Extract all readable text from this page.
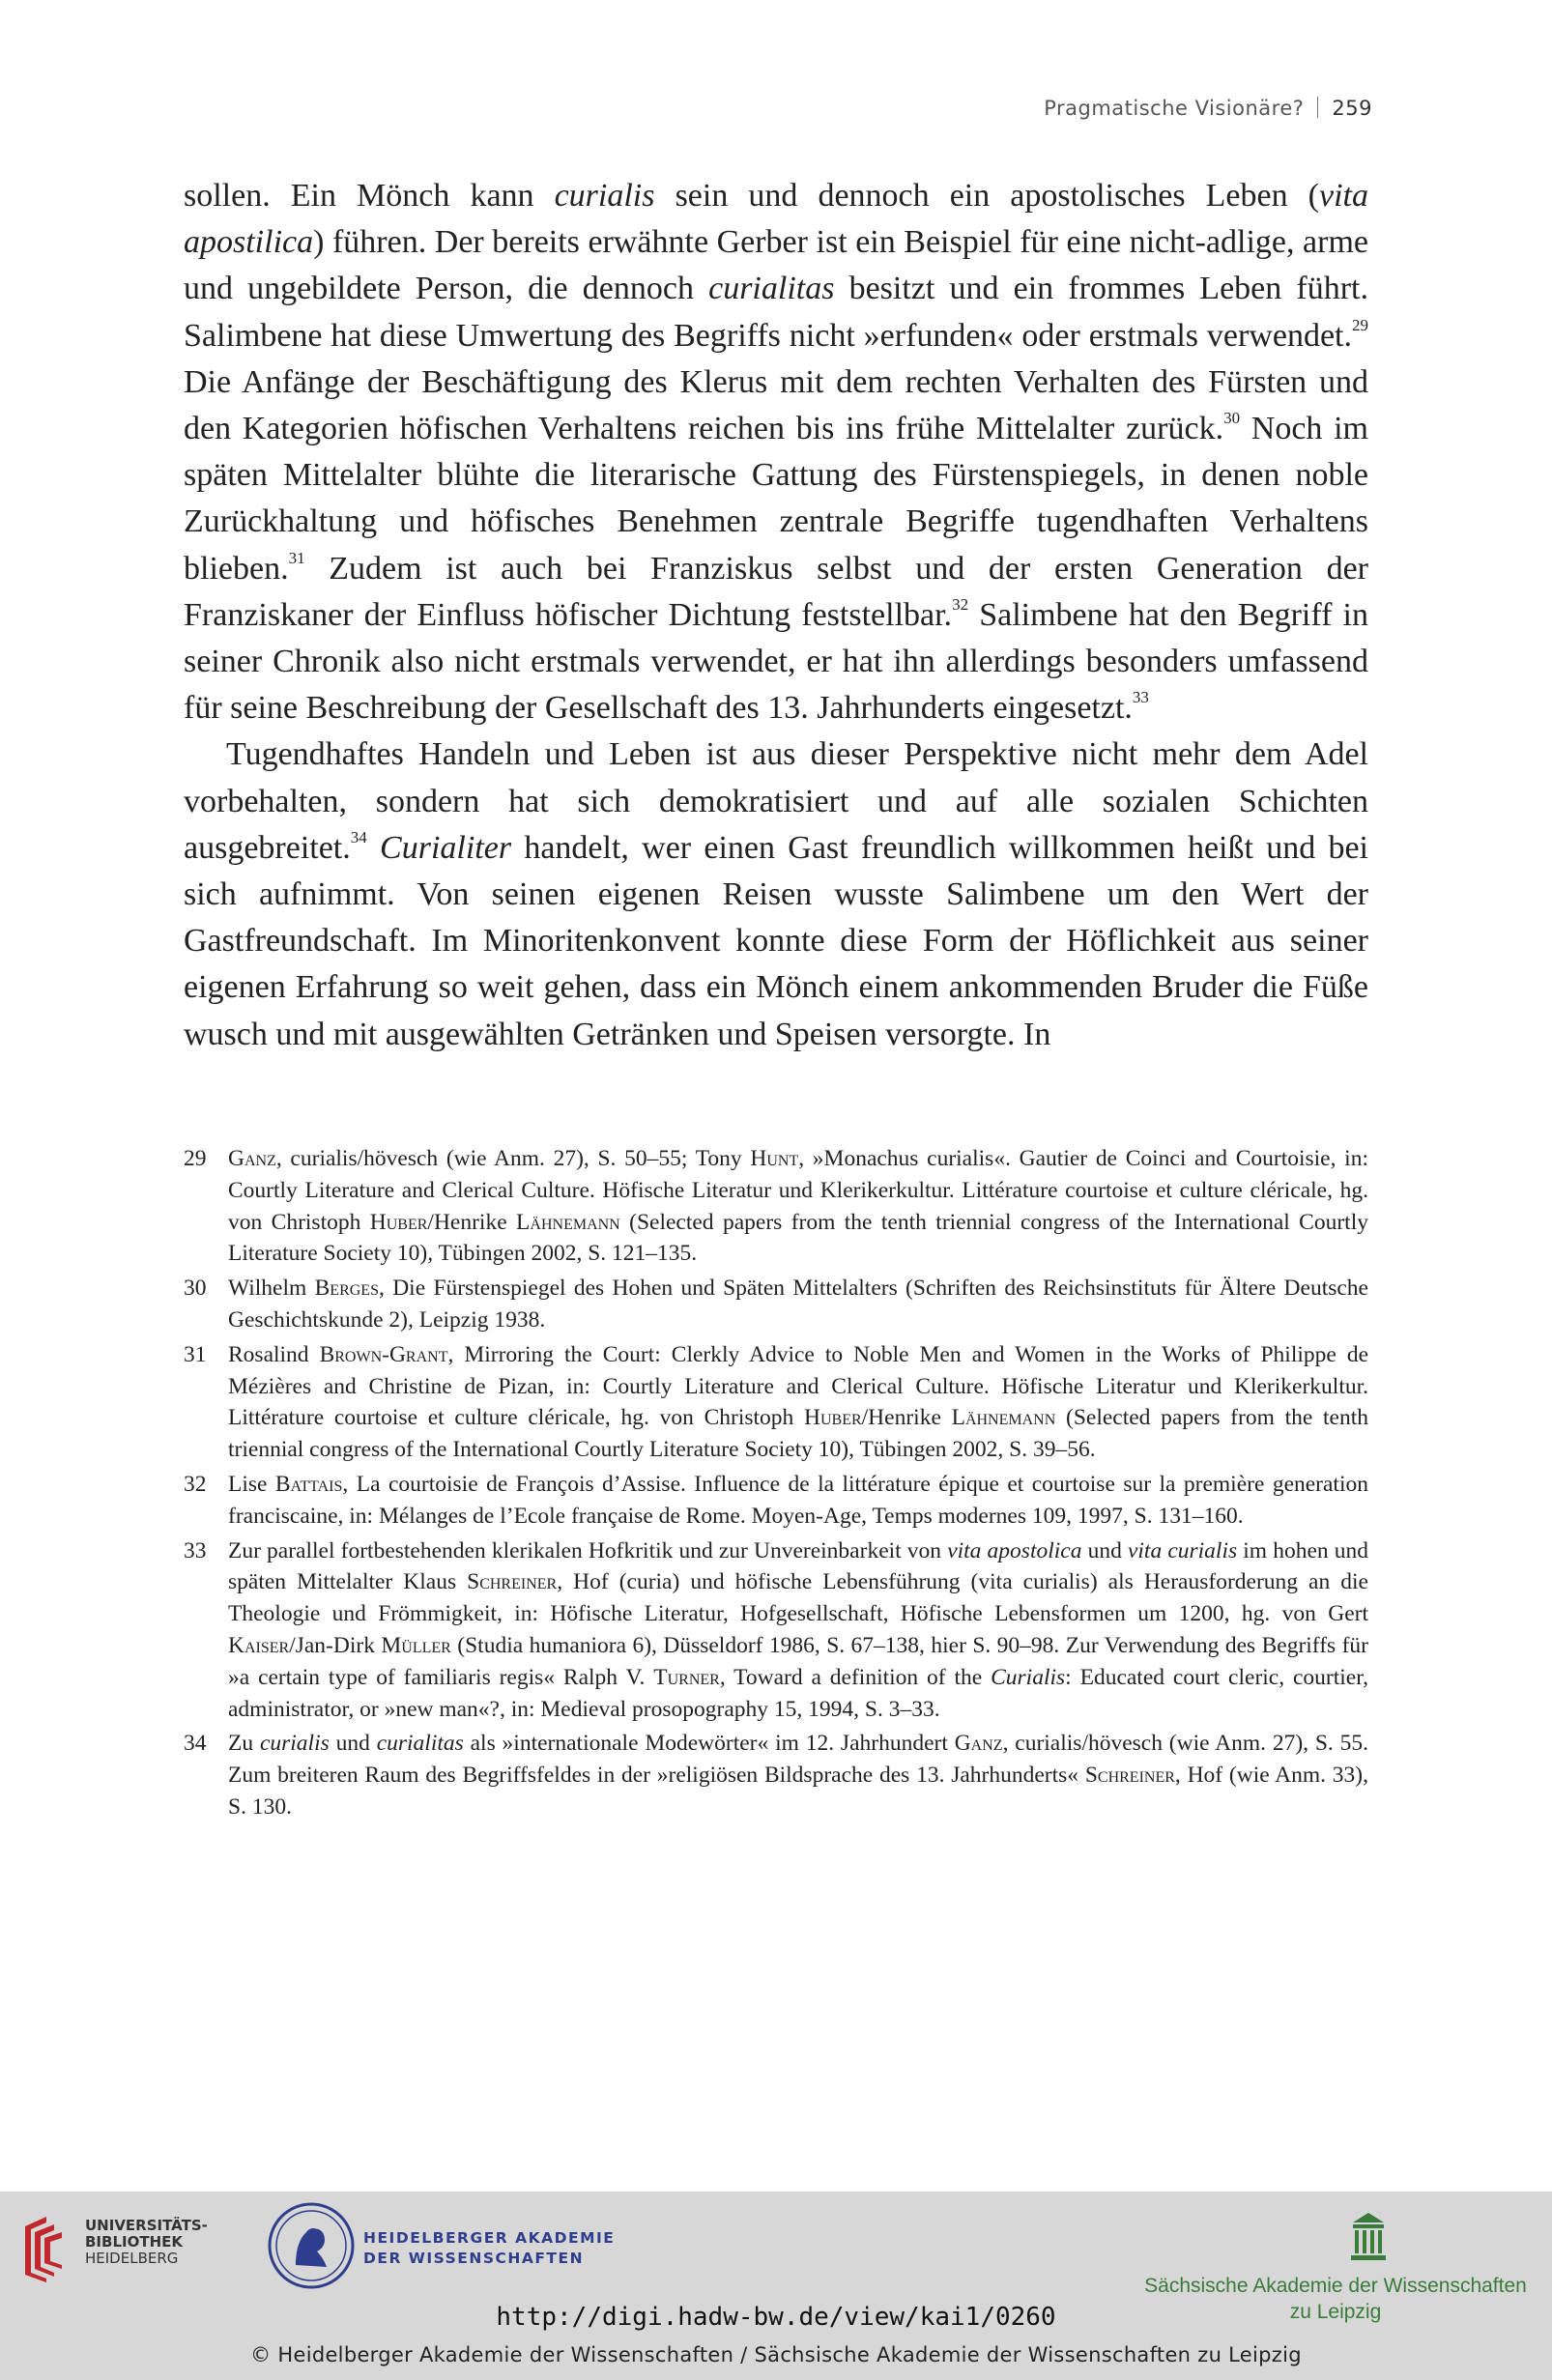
Pragmatische Visionäre? 259

sollen. Ein Mönch kann curialis sein und dennoch ein apostolisches Leben (vita apostilica) führen. Der bereits erwähnte Gerber ist ein Beispiel für eine nicht-adlige, arme und ungebildete Person, die dennoch curialitas besitzt und ein frommes Leben führt. Salimbene hat diese Umwertung des Begriffs nicht »erfunden« oder erstmals verwendet.$^{29}$ Die Anfänge der Beschäftigung des Klerus mit dem rechten Verhalten des Fürsten und den Kategorien höfischen Verhaltens reichen bis ins frühe Mittelalter zurück.$^{30}$ Noch im späten Mittelalter blühte die literarische Gattung des Fürstenspiegels, in denen noble Zurückhaltung und höfisches Benehmen zentrale Begriffe tugendhaften Verhaltens blieben.$^{31}$ Zudem ist auch bei Franziskus selbst und der ersten Generation der Franziskaner der Einfluss höfischer Dichtung feststellbar.$^{32}$ Salimbene hat den Begriff in seiner Chronik also nicht erstmals verwendet, er hat ihn allerdings besonders umfassend für seine Beschreibung der Gesellschaft des 13. Jahrhunderts eingesetzt.$^{33}$

Tugendhaftes Handeln und Leben ist aus dieser Perspektive nicht mehr dem Adel vorbehalten, sondern hat sich demokratisiert und auf alle sozialen Schichten ausgebreitet.$^{34}$ Curialiter handelt, wer einen Gast freundlich willkommen heißt und bei sich aufnimmt. Von seinen eigenen Reisen wusste Salimbene um den Wert der Gastfreundschaft. Im Minoritenkonvent konnte diese Form der Höflichkeit aus seiner eigenen Erfahrung so weit gehen, dass ein Mönch einem ankommenden Bruder die Füße wusch und mit ausgewählten Getränken und Speisen versorgte. In

29 Ganz, curialis/hövesch (wie Anm. 27), S. 50–55; Tony Hunt, »Monachus curialis«. Gautier de Coinci and Courtoisie, in: Courtly Literature and Clerical Culture. Höfische Literatur und Klerikerkultur. Littérature courtoise et culture cléricale, hg. von Christoph Huber/Henrike Lähnemann (Selected papers from the tenth triennial congress of the International Courtly Literature Society 10), Tübingen 2002, S. 121–135.
30 Wilhelm Berges, Die Fürstenspiegel des Hohen und Späten Mittelalters (Schriften des Reichsinstituts für Ältere Deutsche Geschichtskunde 2), Leipzig 1938.
31 Rosalind Brown-Grant, Mirroring the Court: Clerkly Advice to Noble Men and Women in the Works of Philippe de Mézières and Christine de Pizan, in: Courtly Literature and Clerical Culture. Höfische Literatur und Klerikerkultur. Littérature courtoise et culture cléricale, hg. von Christoph Huber/Henrike Lähnemann (Selected papers from the tenth triennial congress of the International Courtly Literature Society 10), Tübingen 2002, S. 39–56.
32 Lise Battais, La courtoisie de François d’Assise. Influence de la littérature épique et courtoise sur la première generation franciscaine, in: Mélanges de l’Ecole française de Rome. Moyen-Age, Temps modernes 109, 1997, S. 131–160.
33 Zur parallel fortbestehenden klerikalen Hofkritik und zur Unvereinbarkeit von vita apostolica und vita curialis im hohen und späten Mittelalter Klaus Schreiner, Hof (curia) und höfische Lebensführung (vita curialis) als Herausforderung an die Theologie und Frömmigkeit, in: Höfische Literatur, Hofgesellschaft, Höfische Lebensformen um 1200, hg. von Gert Kaiser/Jan-Dirk Müller (Studia humaniora 6), Düsseldorf 1986, S. 67–138, hier S. 90–98. Zur Verwendung des Begriffs für »a certain type of familiaris regis« Ralph V. Turner, Toward a definition of the Curialis: Educated court cleric, courtier, administrator, or »new man«?, in: Medieval prosopography 15, 1994, S. 3–33.
34 Zu curialis und curialitas als »internationale Modewörter« im 12. Jahrhundert Ganz, curialis/hövesch (wie Anm. 27), S. 55. Zum breiteren Raum des Begriffsfeldes in der »religiösen Bildsprache des 13. Jahrhunderts« Schreiner, Hof (wie Anm. 33), S. 130.
UNIVERSITÄTS-
BIBLIOTHEK
HEIDELBERG
HEIDELBERGER AKADEMIE
DER WISSENSCHAFTEN
Sächsische Akademie der Wissenschaften
zu Leipzig
http://digi.hadw-bw.de/view/kai1/0260
© Heidelberger Akademie der Wissenschaften / Sächsische Akademie der Wissenschaften zu Leipzig
